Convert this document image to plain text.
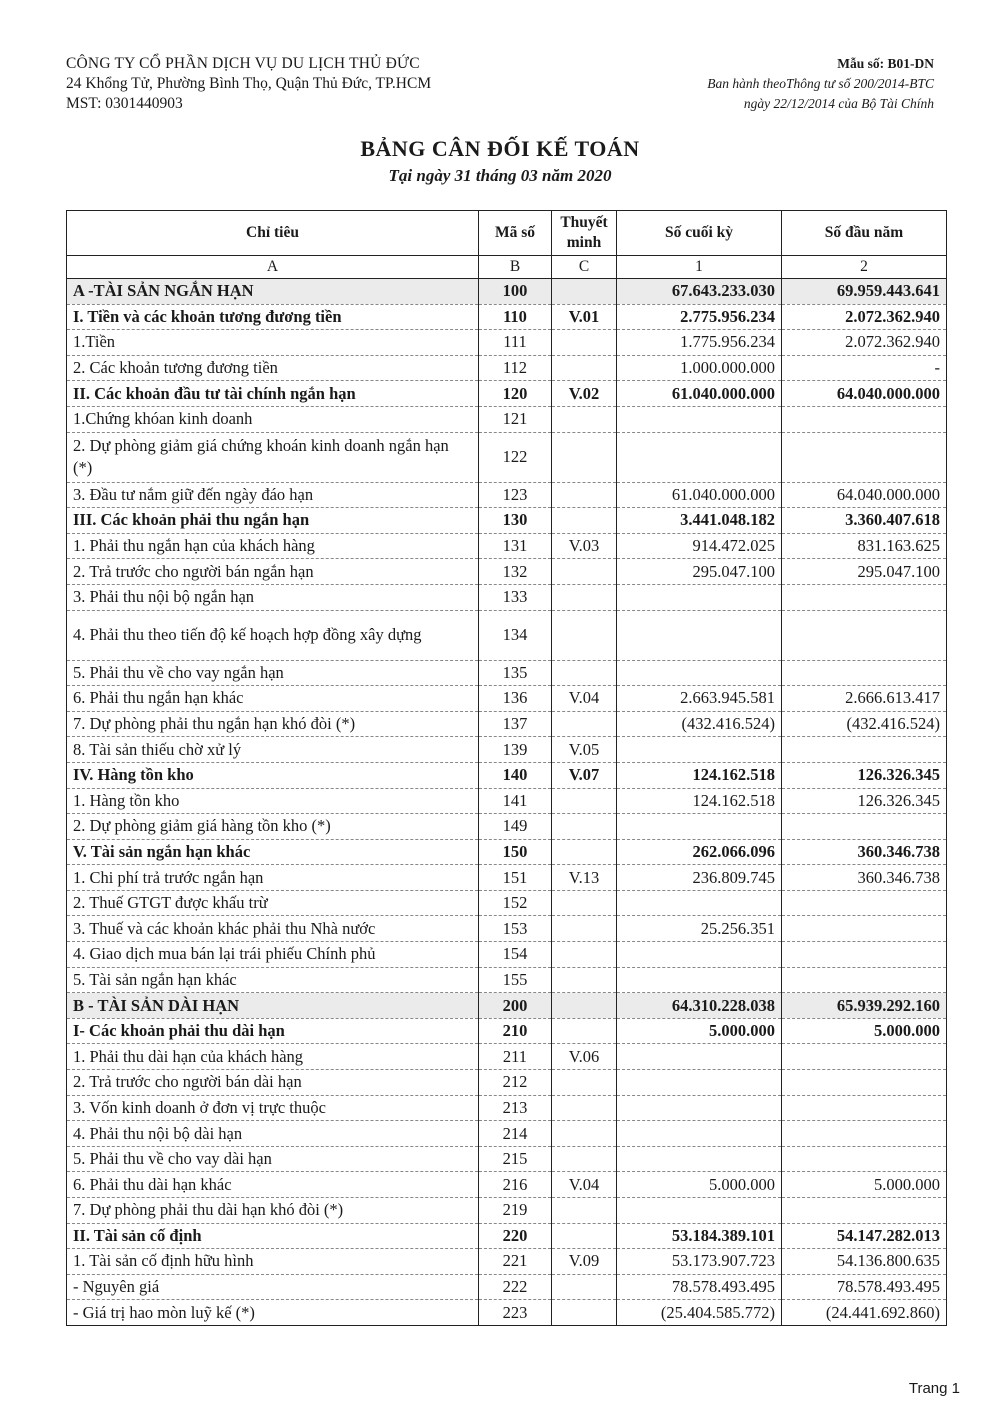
CÔNG TY CỔ PHẦN DỊCH VỤ DU LỊCH THỦ ĐỨC
24 Khổng Tử, Phường Bình Thọ, Quận Thủ Đức, TP.HCM
MST: 0301440903
Mẫu số: B01-DN
Ban hành theoThông tư số 200/2014-BTC
ngày 22/12/2014 của Bộ Tài Chính
BẢNG CÂN ĐỐI KẾ TOÁN
Tại ngày 31 tháng 03 năm 2020
Chỉ tiêu	Mã số	Thuyết minh	Số cuối kỳ	Số đầu năm
A	B	C	1	2
A -TÀI SẢN NGẮN HẠN	100		67.643.233.030	69.959.443.641
I. Tiền và các khoản tương đương tiền	110	V.01	2.775.956.234	2.072.362.940
1.Tiền	111		1.775.956.234	2.072.362.940
2. Các khoản tương đương tiền	112		1.000.000.000	-
II. Các khoản đầu tư tài chính ngắn hạn	120	V.02	61.040.000.000	64.040.000.000
1.Chứng khóan kinh doanh	121			
2. Dự phòng giảm giá chứng khoán kinh doanh ngắn hạn (*)	122			
3. Đầu tư nắm giữ đến ngày đáo hạn	123		61.040.000.000	64.040.000.000
III. Các khoản phải thu ngắn hạn	130		3.441.048.182	3.360.407.618
1. Phải thu ngắn hạn của khách hàng	131	V.03	914.472.025	831.163.625
2. Trả trước cho người bán ngắn hạn	132		295.047.100	295.047.100
3. Phải thu nội bộ ngắn hạn	133			
4. Phải thu theo tiến độ kế hoạch hợp đồng xây dựng	134			
5. Phải thu về cho vay ngắn hạn	135			
6. Phải thu ngắn hạn khác	136	V.04	2.663.945.581	2.666.613.417
7. Dự phòng phải thu ngắn hạn khó đòi (*)	137		(432.416.524)	(432.416.524)
8. Tài sản thiếu chờ xử lý	139	V.05		
IV. Hàng tồn kho	140	V.07	124.162.518	126.326.345
1. Hàng tồn kho	141		124.162.518	126.326.345
2. Dự phòng giảm giá hàng tồn kho (*)	149			
V. Tài sản ngắn hạn khác	150		262.066.096	360.346.738
1. Chi phí trả trước ngắn hạn	151	V.13	236.809.745	360.346.738
2. Thuế GTGT được khấu trừ	152			
3. Thuế và các khoản khác phải thu Nhà nước	153		25.256.351	
4. Giao dịch mua bán lại trái phiếu Chính phủ	154			
5. Tài sản ngắn hạn khác	155			
B - TÀI SẢN DÀI HẠN	200		64.310.228.038	65.939.292.160
I- Các khoản phải thu dài hạn	210		5.000.000	5.000.000
1. Phải thu dài hạn của khách hàng	211	V.06		
2. Trả trước cho người bán dài hạn	212			
3. Vốn kinh doanh ở đơn vị trực thuộc	213			
4. Phải thu nội bộ dài hạn	214			
5. Phải thu về cho vay dài hạn	215			
6. Phải thu dài hạn khác	216	V.04	5.000.000	5.000.000
7. Dự phòng phải thu dài hạn khó đòi (*)	219			
II. Tài sản cố định	220		53.184.389.101	54.147.282.013
1. Tài sản cố định hữu hình	221	V.09	53.173.907.723	54.136.800.635
- Nguyên giá	222		78.578.493.495	78.578.493.495
- Giá trị hao mòn luỹ kế (*)	223		(25.404.585.772)	(24.441.692.860)
Trang 1
